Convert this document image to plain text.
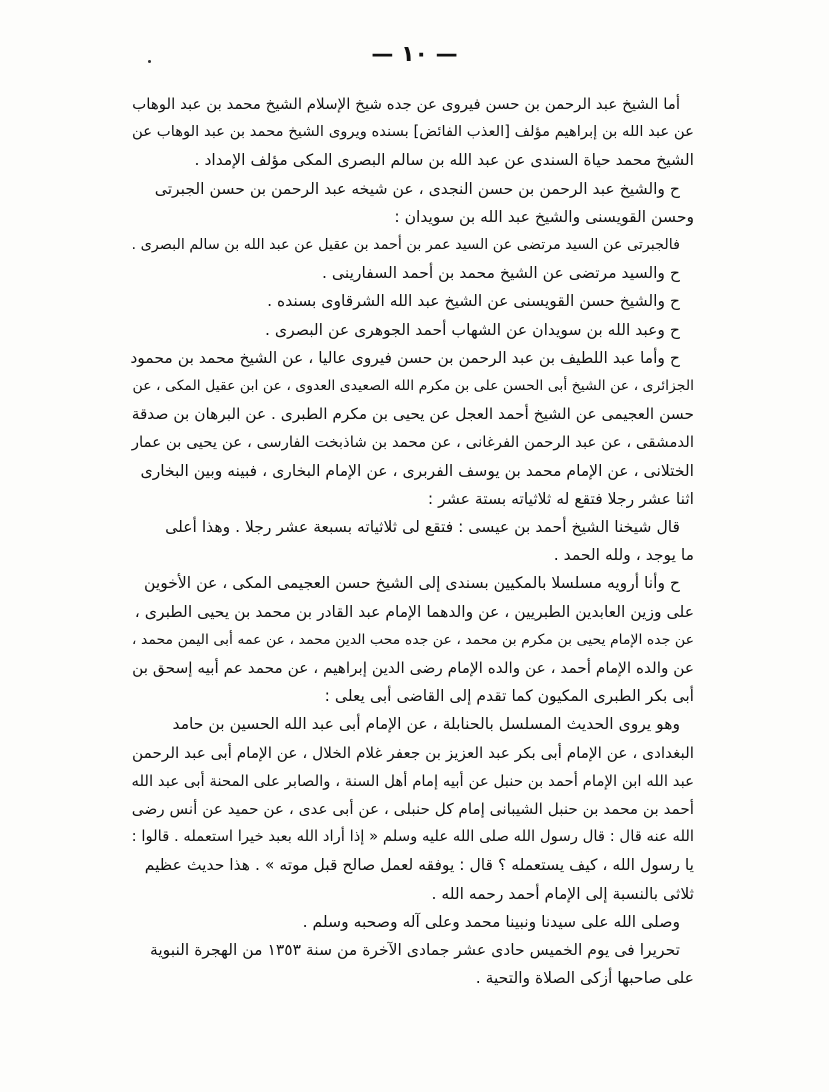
— ١٠ —
أما الشيخ عبد الرحمن بن حسن فيروى عن جده شيخ الإسلام الشيخ محمد بن عبد الوهاب
عن عبد الله بن إبراهيم مؤلف [العذب الفائض] بسنده ويروى الشيخ محمد بن عبد الوهاب عن
الشيخ محمد حياة السندى عن عبد الله بن سالم البصرى المكى مؤلف الإمداد .
ح والشيخ عبد الرحمن بن حسن النجدى ، عن شيخه عبد الرحمن بن حسن الجبرتى
وحسن القويسنى والشيخ عبد الله بن سويدان :
فالجبرتى عن السيد مرتضى عن السيد عمر بن أحمد بن عقيل عن عبد الله بن سالم البصرى .
ح والسيد مرتضى عن الشيخ محمد بن أحمد السفارينى .
ح والشيخ حسن القويسنى عن الشيخ عبد الله الشرقاوى بسنده .
ح وعبد الله بن سويدان عن الشهاب أحمد الجوهرى عن البصرى .
ح وأما عبد اللطيف بن عبد الرحمن بن حسن فيروى عاليا ، عن الشيخ محمد بن محمود
الجزائرى ، عن الشيخ أبى الحسن على بن مكرم الله الصعيدى العدوى ، عن ابن عقيل المكى ، عن
حسن العجيمى عن الشيخ أحمد العجل عن يحيى بن مكرم الطبرى . عن البرهان بن صدقة
الدمشقى ، عن عبد الرحمن الفرغانى ، عن محمد بن شاذبخت الفارسى ، عن يحيى بن عمار
الختلانى ، عن الإمام محمد بن يوسف الفربرى ، عن الإمام البخارى ، فبينه وبين البخارى
اثنا عشر رجلا فتقع له ثلاثياته بستة عشر :
قال شيخنا الشيخ أحمد بن عيسى : فتقع لى ثلاثياته بسبعة عشر رجلا . وهذا أعلى
ما يوجد ، ولله الحمد .
ح وأنا أرويه مسلسلا بالمكيين بسندى إلى الشيخ حسن العجيمى المكى ، عن الأخوين
على وزين العابدين الطبريين ، عن والدهما الإمام عبد القادر بن محمد بن يحيى الطبرى ،
عن جده الإمام يحيى بن مكرم بن محمد ، عن جده محب الدين محمد ، عن عمه أبى اليمن محمد ،
عن والده الإمام أحمد ، عن والده الإمام رضى الدين إبراهيم ، عن محمد عم أبيه إسحق بن
أبى بكر الطبرى المكيون كما تقدم إلى القاضى أبى يعلى :
وهو يروى الحديث المسلسل بالحنابلة ، عن الإمام أبى عبد الله الحسين بن حامد
البغدادى ، عن الإمام أبى بكر عبد العزيز بن جعفر غلام الخلال ، عن الإمام أبى عبد الرحمن
عبد الله ابن الإمام أحمد بن حنبل عن أبيه إمام أهل السنة ، والصابر على المحنة أبى عبد الله
أحمد بن محمد بن حنبل الشيبانى إمام كل حنبلى ، عن أبى عدى ، عن حميد عن أنس رضى
الله عنه قال : قال رسول الله صلى الله عليه وسلم « إذا أراد الله بعبد خيرا استعمله . قالوا :
يا رسول الله ، كيف يستعمله ؟ قال : يوفقه لعمل صالح قبل موته » . هذا حديث عظيم
ثلاثى بالنسبة إلى الإمام أحمد رحمه الله .
وصلى الله على سيدنا ونبينا محمد وعلى آله وصحبه وسلم .
تحريرا فى يوم الخميس حادى عشر جمادى الآخرة من سنة ١٣٥٣ من الهجرة النبوية
على صاحبها أزكى الصلاة والتحية .
